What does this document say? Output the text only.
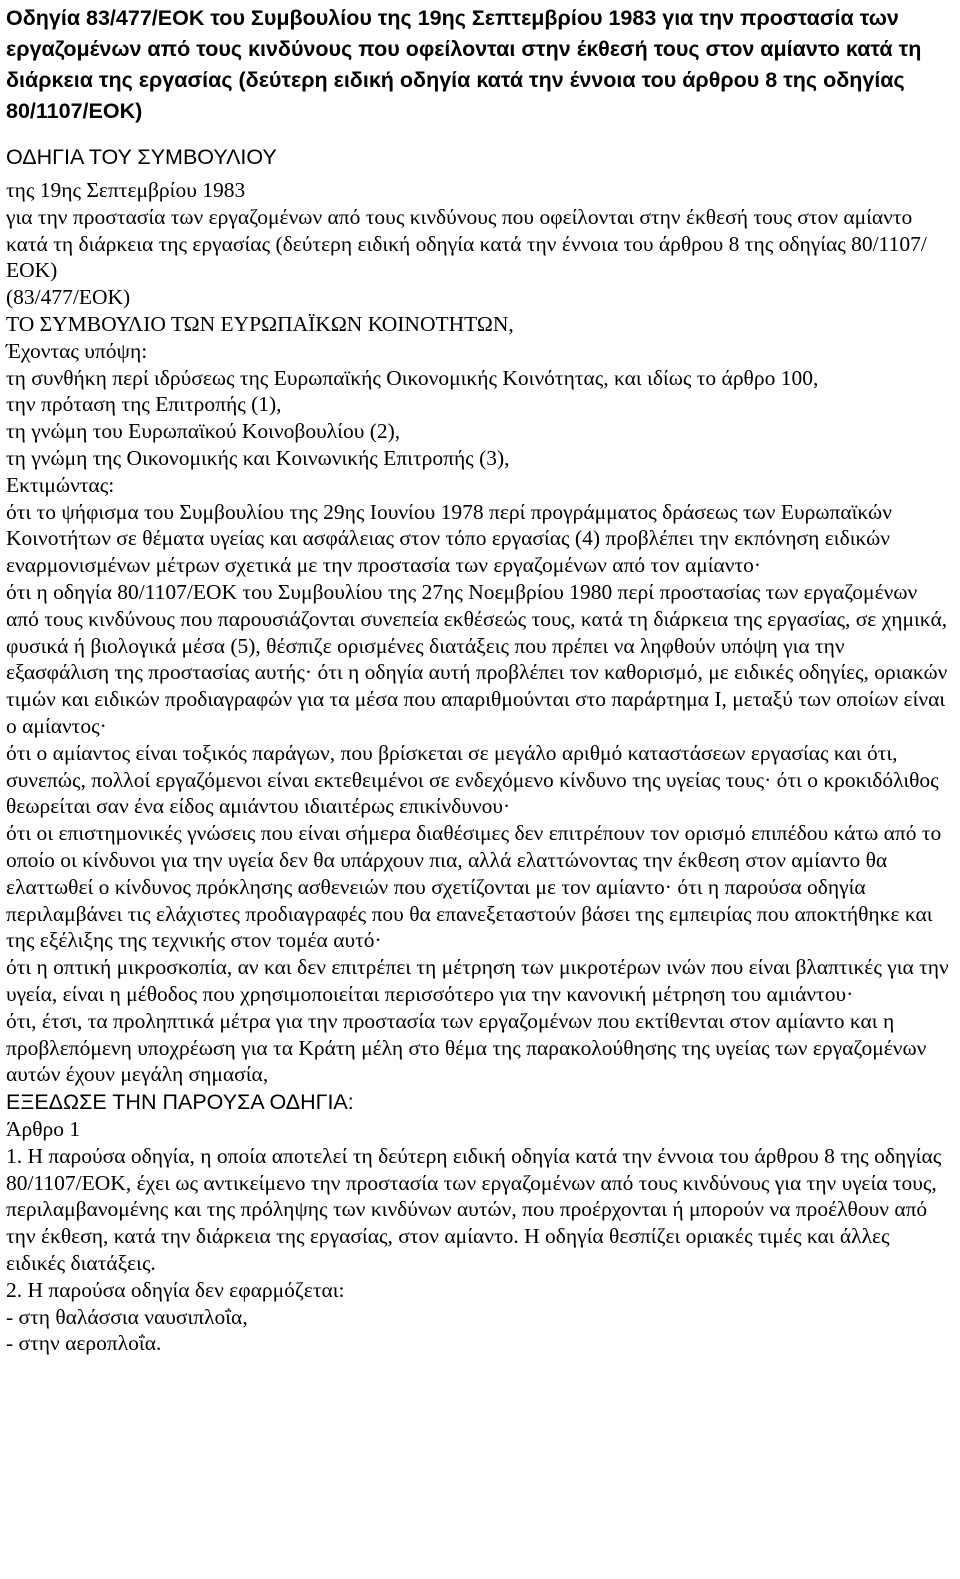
Οδηγία 83/477/ΕΟΚ του Συμβουλίου της 19ης Σεπτεμβρίου 1983 για την προστασία των εργαζομένων από τους κινδύνους που οφείλονται στην έκθεσή τους στον αμίαντο κατά τη διάρκεια της εργασίας (δεύτερη ειδική οδηγία κατά την έννοια του άρθρου 8 της οδηγίας 80/1107/ΕΟΚ)
ΟΔΗΓΙΑ ΤΟΥ ΣΥΜΒΟΥΛΙΟΥ
της 19ης Σεπτεμβρίου 1983
για την προστασία των εργαζομένων από τους κινδύνους που οφείλονται στην έκθεσή τους στον αμίαντο κατά τη διάρκεια της εργασίας (δεύτερη ειδική οδηγία κατά την έννοια του άρθρου 8 της οδηγίας 80/1107/ΕΟΚ)
(83/477/ΕΟΚ)
ΤΟ ΣΥΜΒΟΥΛΙΟ ΤΩΝ ΕΥΡΩΠΑΪΚΩΝ ΚΟΙΝΟΤΗΤΩΝ,
Έχοντας υπόψη:
τη συνθήκη περί ιδρύσεως της Ευρωπαϊκής Οικονομικής Κοινότητας, και ιδίως το άρθρο 100,
την πρόταση της Επιτροπής (1),
τη γνώμη του Ευρωπαϊκού Κοινοβουλίου (2),
τη γνώμη της Οικονομικής και Κοινωνικής Επιτροπής (3),
Εκτιμώντας:
ότι το ψήφισμα του Συμβουλίου της 29ης Ιουνίου 1978 περί προγράμματος δράσεως των Ευρωπαϊκών Κοινοτήτων σε θέματα υγείας και ασφάλειας στον τόπο εργασίας (4) προβλέπει την εκπόνηση ειδικών εναρμονισμένων μέτρων σχετικά με την προστασία των εργαζομένων από τον αμίαντο·
ότι η οδηγία 80/1107/ΕΟΚ του Συμβουλίου της 27ης Νοεμβρίου 1980 περί προστασίας των εργαζομένων από τους κινδύνους που παρουσιάζονται συνεπεία εκθέσεώς τους, κατά τη διάρκεια της εργασίας, σε χημικά, φυσικά ή βιολογικά μέσα (5), θέσπιζε ορισμένες διατάξεις που πρέπει να ληφθούν υπόψη για την εξασφάλιση της προστασίας αυτής· ότι η οδηγία αυτή προβλέπει τον καθορισμό, με ειδικές οδηγίες, οριακών τιμών και ειδικών προδιαγραφών για τα μέσα που απαριθμούνται στο παράρτημα Ι, μεταξύ των οποίων είναι ο αμίαντος·
ότι ο αμίαντος είναι τοξικός παράγων, που βρίσκεται σε μεγάλο αριθμό καταστάσεων εργασίας και ότι, συνεπώς, πολλοί εργαζόμενοι είναι εκτεθειμένοι σε ενδεχόμενο κίνδυνο της υγείας τους· ότι ο κροκιδόλιθος θεωρείται σαν ένα είδος αμιάντου ιδιαιτέρως επικίνδυνου·
ότι οι επιστημονικές γνώσεις που είναι σήμερα διαθέσιμες δεν επιτρέπουν τον ορισμό επιπέδου κάτω από το οποίο οι κίνδυνοι για την υγεία δεν θα υπάρχουν πια, αλλά ελαττώνοντας την έκθεση στον αμίαντο θα ελαττωθεί ο κίνδυνος πρόκλησης ασθενειών που σχετίζονται με τον αμίαντο· ότι η παρούσα οδηγία περιλαμβάνει τις ελάχιστες προδιαγραφές που θα επανεξεταστούν βάσει της εμπειρίας που αποκτήθηκε και της εξέλιξης της τεχνικής στον τομέα αυτό·
ότι η οπτική μικροσκοπία, αν και δεν επιτρέπει τη μέτρηση των μικροτέρων ινών που είναι βλαπτικές για την υγεία, είναι η μέθοδος που χρησιμοποιείται περισσότερο για την κανονική μέτρηση του αμιάντου·
ότι, έτσι, τα προληπτικά μέτρα για την προστασία των εργαζομένων που εκτίθενται στον αμίαντο και η προβλεπόμενη υποχρέωση για τα Κράτη μέλη στο θέμα της παρακολούθησης της υγείας των εργαζομένων αυτών έχουν μεγάλη σημασία,
ΕΞΕΔΩΣΕ ΤΗΝ ΠΑΡΟΥΣΑ ΟΔΗΓΙΑ:
Άρθρο 1
1. Η παρούσα οδηγία, η οποία αποτελεί τη δεύτερη ειδική οδηγία κατά την έννοια του άρθρου 8 της οδηγίας 80/1107/ΕΟΚ, έχει ως αντικείμενο την προστασία των εργαζομένων από τους κινδύνους για την υγεία τους, περιλαμβανομένης και της πρόληψης των κινδύνων αυτών, που προέρχονται ή μπορούν να προέλθουν από την έκθεση, κατά την διάρκεια της εργασίας, στον αμίαντο. Η οδηγία θεσπίζει οριακές τιμές και άλλες ειδικές διατάξεις.
2. Η παρούσα οδηγία δεν εφαρμόζεται:
- στη θαλάσσια ναυσιπλοΐα,
- στην αεροπλοΐα.
